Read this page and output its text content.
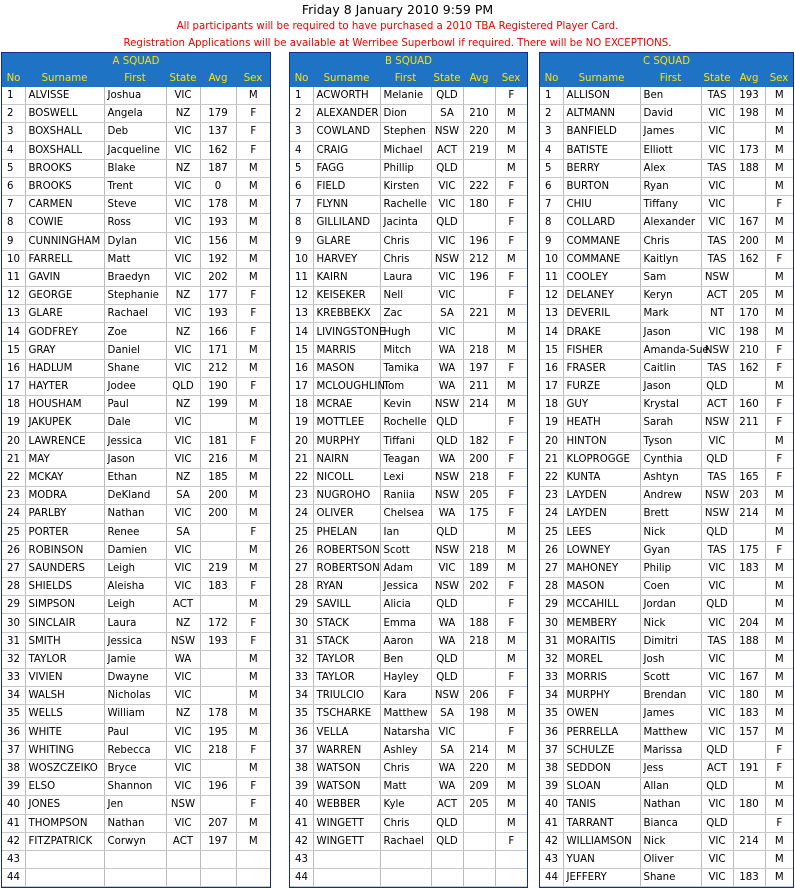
Friday 8 January 2010 9:59 PM
All participants will be required to have purchased a 2010 TBA Registered Player Card.
Registration Applications will be available at Werribee Superbowl if required. There will be NO EXCEPTIONS.
A SQUAD					
No	Surname	First	State	Avg	Sex
1	ALVISSE	Joshua	VIC		M
2	BOSWELL	Angela	NZ	179	F
3	BOXSHALL	Deb	VIC	137	F
4	BOXSHALL	Jacqueline	VIC	162	F
5	BROOKS	Blake	NZ	187	M
6	BROOKS	Trent	VIC	0	M
7	CARMEN	Steve	VIC	178	M
8	COWIE	Ross	VIC	193	M
9	CUNNINGHAM	Dylan	VIC	156	M
10	FARRELL	Matt	VIC	192	M
11	GAVIN	Braedyn	VIC	202	M
12	GEORGE	Stephanie	NZ	177	F
13	GLARE	Rachael	VIC	193	F
14	GODFREY	Zoe	NZ	166	F
15	GRAY	Daniel	VIC	171	M
16	HADLUM	Shane	VIC	212	M
17	HAYTER	Jodee	QLD	190	F
18	HOUSHAM	Paul	NZ	199	M
19	JAKUPEK	Dale	VIC		M
20	LAWRENCE	Jessica	VIC	181	F
21	MAY	Jason	VIC	216	M
22	MCKAY	Ethan	NZ	185	M
23	MODRA	DeKland	SA	200	M
24	PARLBY	Nathan	VIC	200	M
25	PORTER	Renee	SA		F
26	ROBINSON	Damien	VIC		M
27	SAUNDERS	Leigh	VIC	219	M
28	SHIELDS	Aleisha	VIC	183	F
29	SIMPSON	Leigh	ACT		M
30	SINCLAIR	Laura	NZ	172	F
31	SMITH	Jessica	NSW	193	F
32	TAYLOR	Jamie	WA		M
33	VIVIEN	Dwayne	VIC		M
34	WALSH	Nicholas	VIC		M
35	WELLS	William	NZ	178	M
36	WHITE	Paul	VIC	195	M
37	WHITING	Rebecca	VIC	218	F
38	WOSZCZEIKO	Bryce	VIC		M
39	ELSO	Shannon	VIC	196	F
40	JONES	Jen	NSW		F
41	THOMPSON	Nathan	VIC	207	M
42	FITZPATRICK	Corwyn	ACT	197	M
43					
44					
B SQUAD					
No	Surname	First	State	Avg	Sex
1	ACWORTH	Melanie	QLD		F
2	ALEXANDER	Dion	SA	210	M
3	COWLAND	Stephen	NSW	220	M
4	CRAIG	Michael	ACT	219	M
5	FAGG	Phillip	QLD		M
6	FIELD	Kirsten	VIC	222	F
7	FLYNN	Rachelle	VIC	180	F
8	GILLILAND	Jacinta	QLD		F
9	GLARE	Chris	VIC	196	F
10	HARVEY	Chris	NSW	212	M
11	KAIRN	Laura	VIC	196	F
12	KEISEKER	Nell	VIC		F
13	KREBBEKX	Zac	SA	221	M
14	LIVINGSTONE	Hugh	VIC		M
15	MARRIS	Mitch	WA	218	M
16	MASON	Tamika	WA	197	F
17	MCLOUGHLIN	Tom	WA	211	M
18	MCRAE	Kevin	NSW	214	M
19	MOTTLEE	Rochelle	QLD		F
20	MURPHY	Tiffani	QLD	182	F
21	NAIRN	Teagan	WA	200	F
22	NICOLL	Lexi	NSW	218	F
23	NUGROHO	Raniia	NSW	205	F
24	OLIVER	Chelsea	WA	175	F
25	PHELAN	Ian	QLD		M
26	ROBERTSON	Scott	NSW	218	M
27	ROBERTSON	Adam	VIC	189	M
28	RYAN	Jessica	NSW	202	F
29	SAVILL	Alicia	QLD		F
30	STACK	Emma	WA	188	F
31	STACK	Aaron	WA	218	M
32	TAYLOR	Ben	QLD		M
33	TAYLOR	Hayley	QLD		F
34	TRIULCIO	Kara	NSW	206	F
35	TSCHARKE	Matthew	SA	198	M
36	VELLA	Natarsha	VIC		F
37	WARREN	Ashley	SA	214	M
38	WATSON	Chris	WA	220	M
39	WATSON	Matt	WA	209	M
40	WEBBER	Kyle	ACT	205	M
41	WINGETT	Chris	QLD		M
42	WINGETT	Rachael	QLD		F
43					
44					
C SQUAD					
No	Surname	First	State	Avg	Sex
1	ALLISON	Ben	TAS	193	M
2	ALTMANN	David	VIC	198	M
3	BANFIELD	James	VIC		M
4	BATISTE	Elliott	VIC	173	M
5	BERRY	Alex	TAS	188	M
6	BURTON	Ryan	VIC		M
7	CHIU	Tiffany	VIC		F
8	COLLARD	Alexander	VIC	167	M
9	COMMANE	Chris	TAS	200	M
10	COMMANE	Kaitlyn	TAS	162	F
11	COOLEY	Sam	NSW		M
12	DELANEY	Keryn	ACT	205	M
13	DEVERIL	Mark	NT	170	M
14	DRAKE	Jason	VIC	198	M
15	FISHER	Amanda-Sue	NSW	210	F
16	FRASER	Caitlin	TAS	162	F
17	FURZE	Jason	QLD		M
18	GUY	Krystal	ACT	160	F
19	HEATH	Sarah	NSW	211	F
20	HINTON	Tyson	VIC		M
21	KLOPROGGE	Cynthia	QLD		F
22	KUNTA	Ashtyn	TAS	165	F
23	LAYDEN	Andrew	NSW	203	M
24	LAYDEN	Brett	NSW	214	M
25	LEES	Nick	QLD		M
26	LOWNEY	Gyan	TAS	175	F
27	MAHONEY	Philip	VIC	183	M
28	MASON	Coen	VIC		M
29	MCCAHILL	Jordan	QLD		M
30	MEMBERY	Nick	VIC	204	M
31	MORAITIS	Dimitri	TAS	188	M
32	MOREL	Josh	VIC		M
33	MORRIS	Scott	VIC	167	M
34	MURPHY	Brendan	VIC	180	M
35	OWEN	James	VIC	183	M
36	PERRELLA	Matthew	VIC	157	M
37	SCHULZE	Marissa	QLD		F
38	SEDDON	Jess	ACT	191	F
39	SLOAN	Allan	QLD		M
40	TANIS	Nathan	VIC	180	M
41	TARRANT	Bianca	QLD		F
42	WILLIAMSON	Nick	VIC	214	M
43	YUAN	Oliver	VIC		M
44	JEFFERY	Shane	VIC	183	M
